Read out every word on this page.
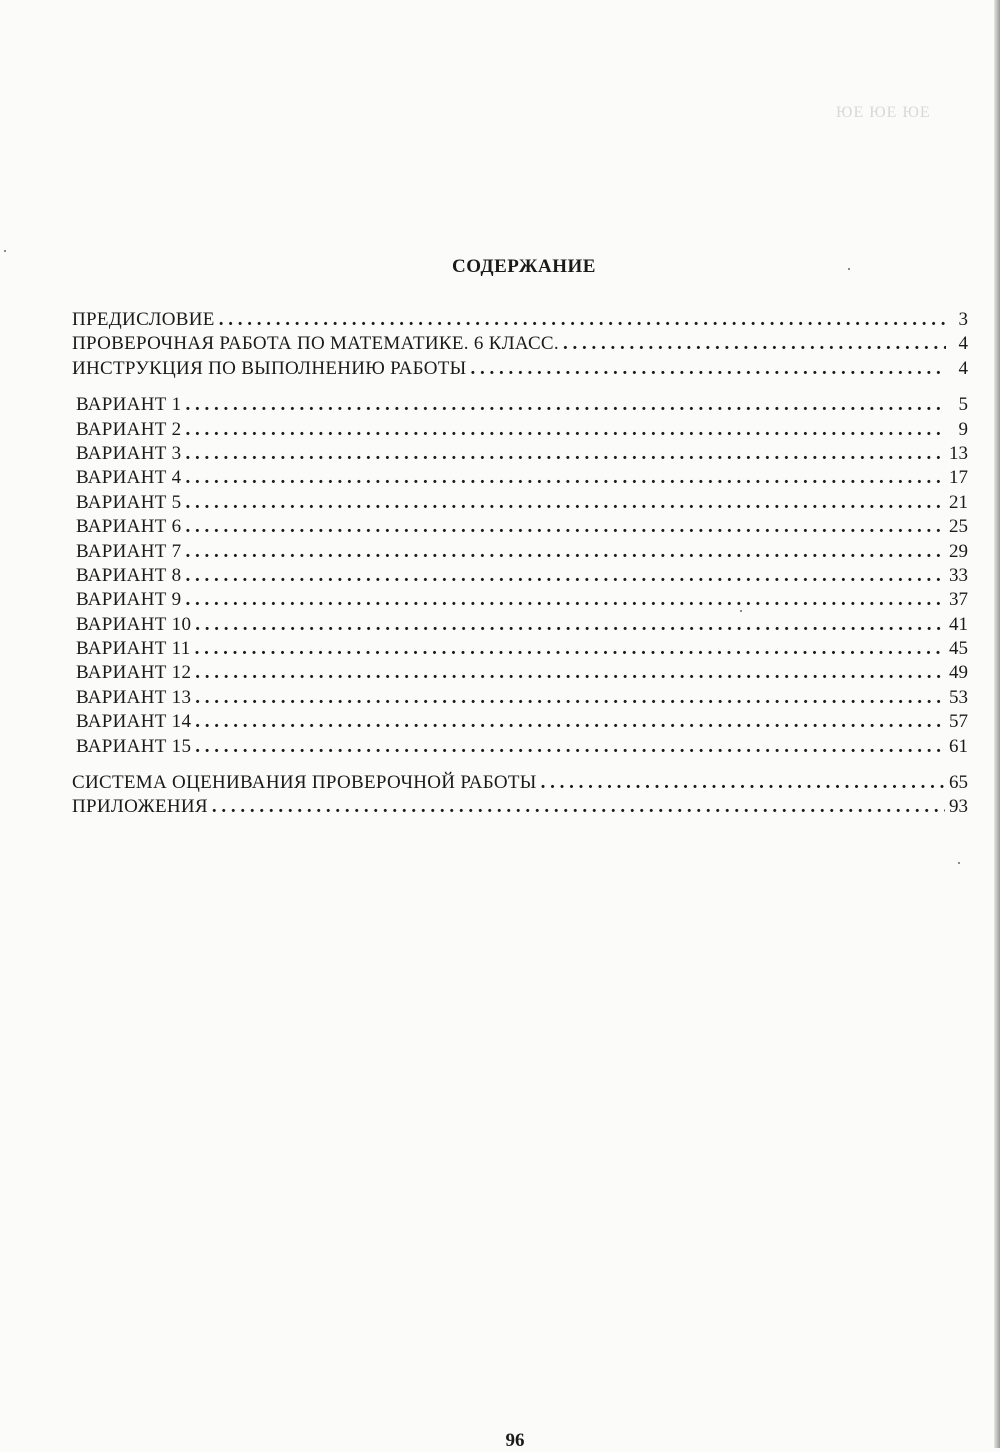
ЮЕ ЮЕ ЮЕ
СОДЕРЖАНИЕ
ПРЕДИСЛОВИЕ . . .	3
ПРОВЕРОЧНАЯ РАБОТА ПО МАТЕМАТИКЕ. 6 КЛАСС. . . .	4
ИНСТРУКЦИЯ ПО ВЫПОЛНЕНИЮ РАБОТЫ . . .	4
ВАРИАНТ 1 . . .	5
ВАРИАНТ 2 . . .	9
ВАРИАНТ 3 . . .	13
ВАРИАНТ 4 . . .	17
ВАРИАНТ 5 . . .	21
ВАРИАНТ 6 . . .	25
ВАРИАНТ 7 . . .	29
ВАРИАНТ 8 . . .	33
ВАРИАНТ 9 . . .	37
ВАРИАНТ 10 . . .	41
ВАРИАНТ 11 . . .	45
ВАРИАНТ 12 . . .	49
ВАРИАНТ 13 . . .	53
ВАРИАНТ 14 . . .	57
ВАРИАНТ 15 . . .	61
СИСТЕМА ОЦЕНИВАНИЯ ПРОВЕРОЧНОЙ РАБОТЫ . . .	65
ПРИЛОЖЕНИЯ . . .	93
96
